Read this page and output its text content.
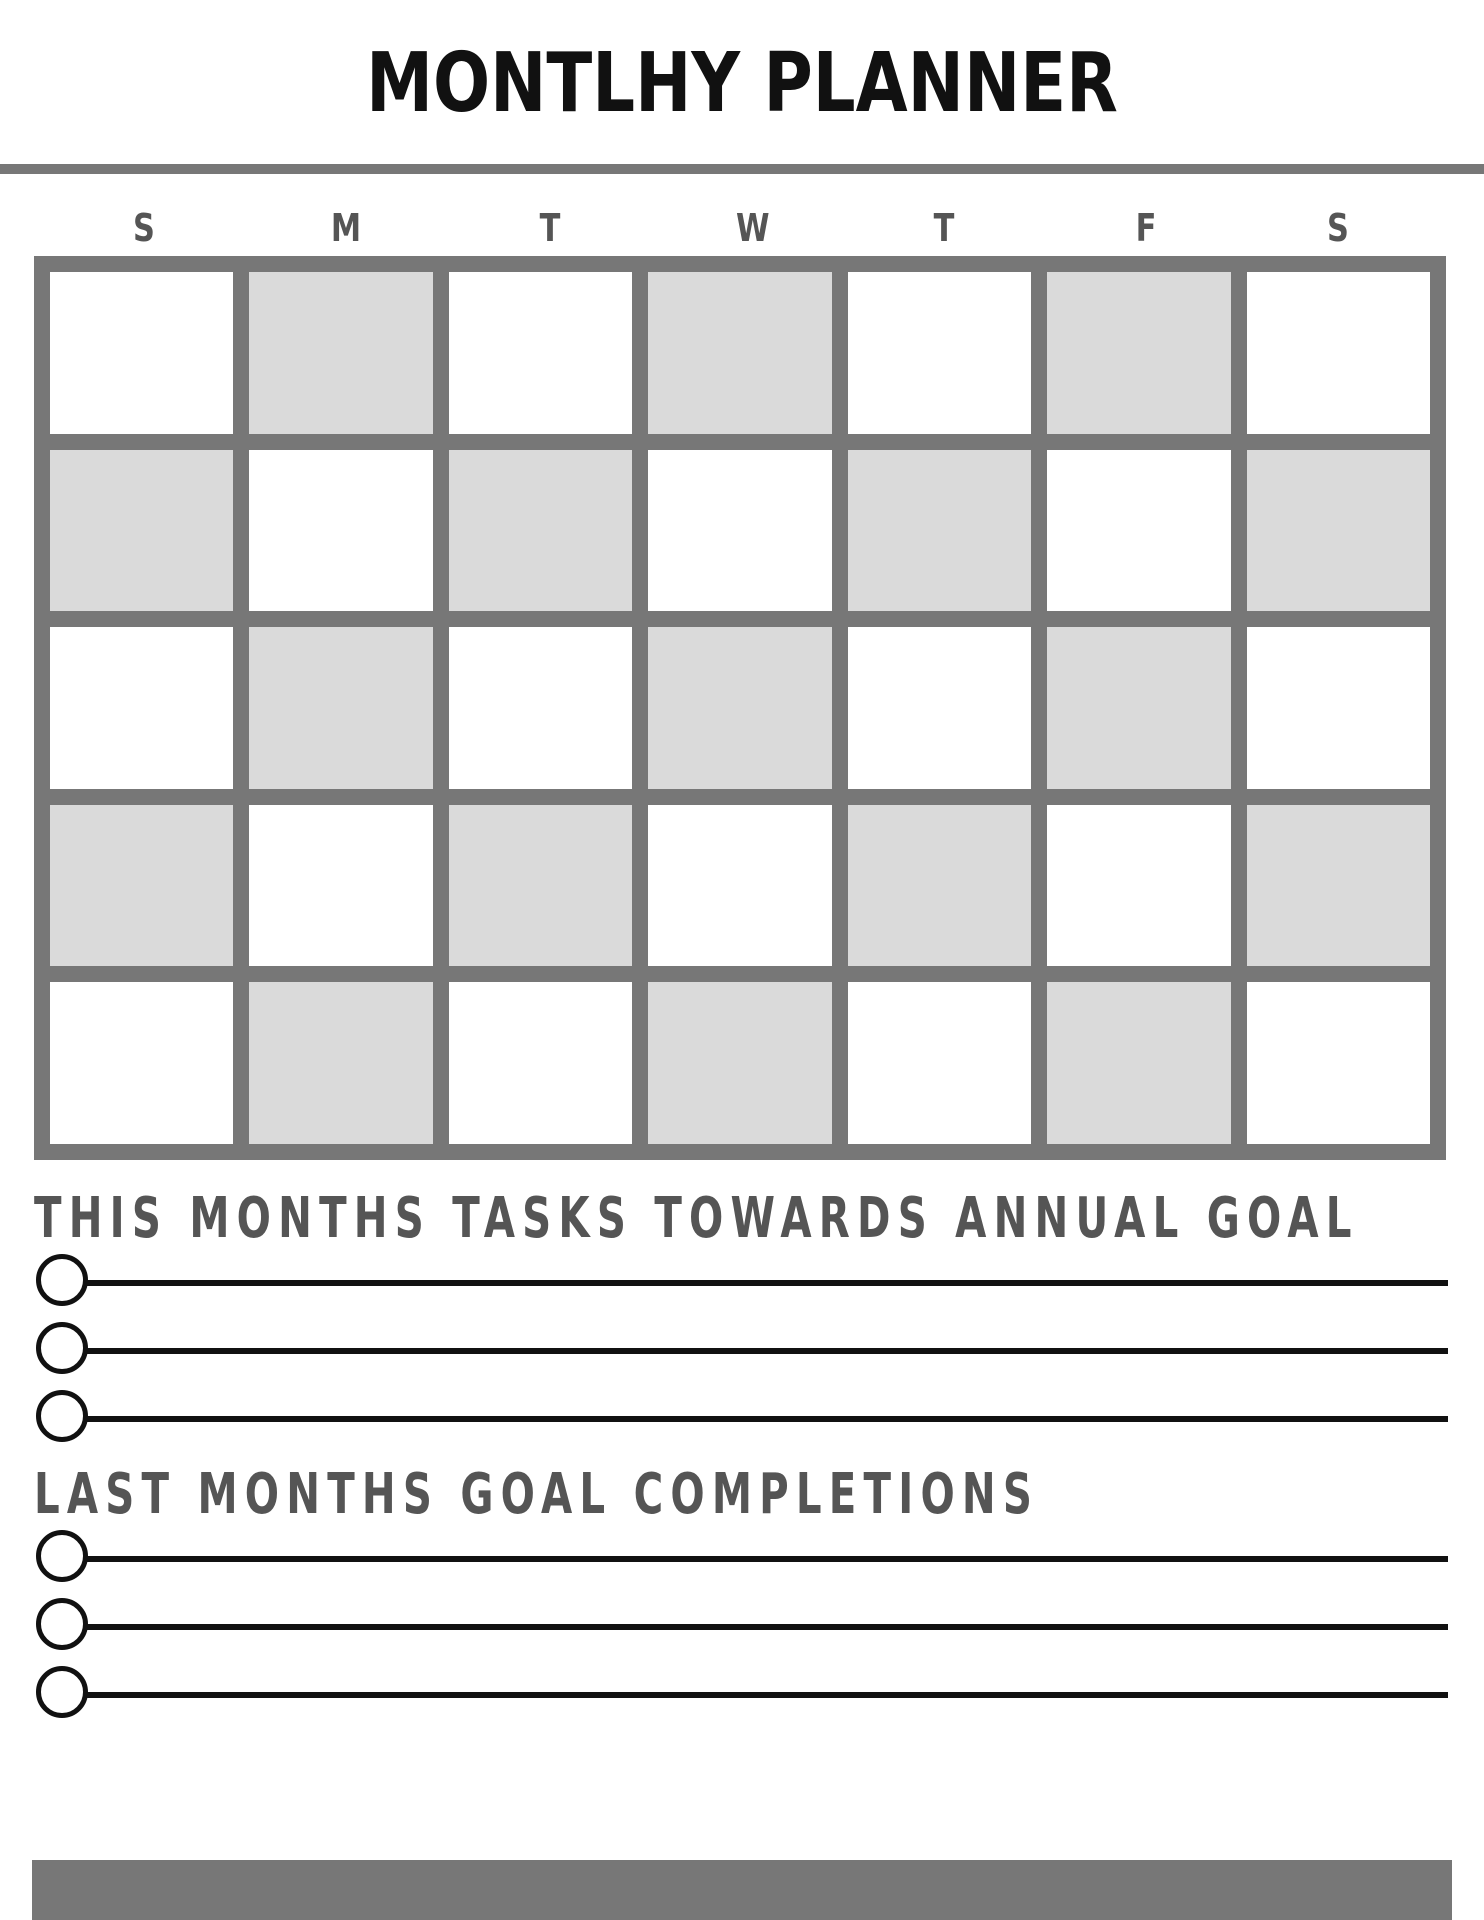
MONTLHY PLANNER
S	M	T	W	T	F	S
THIS MONTHS TASKS TOWARDS ANNUAL GOAL
LAST MONTHS GOAL COMPLETIONS
